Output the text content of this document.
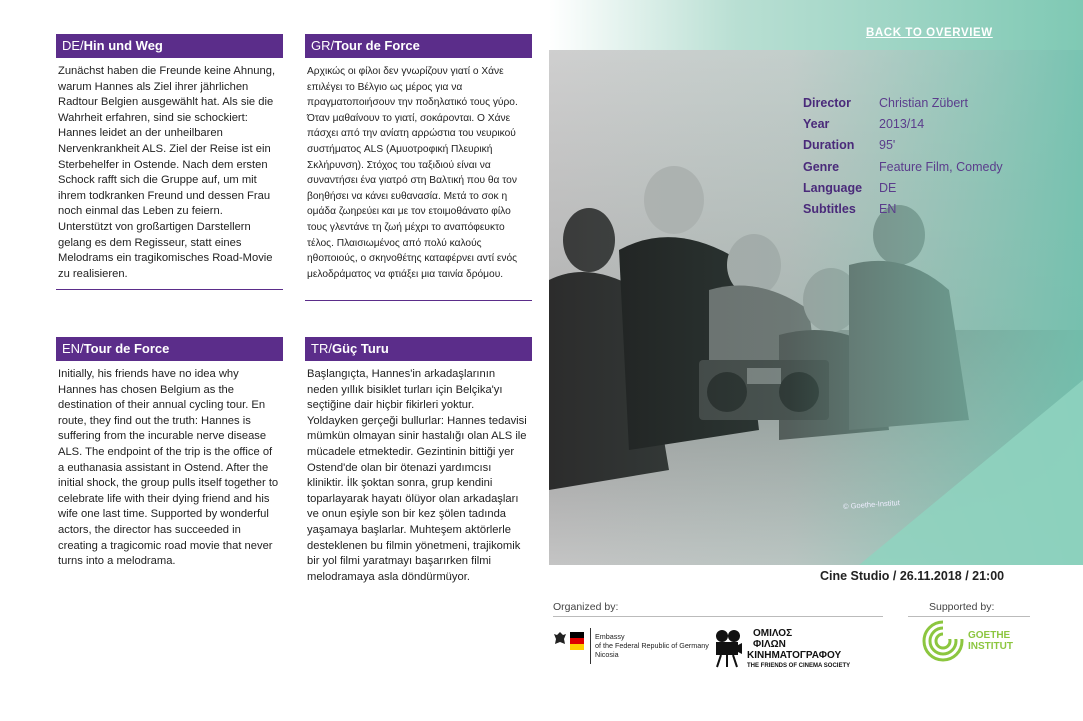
DE/Hin und Weg
Zunächst haben die Freunde keine Ahnung, warum Hannes als Ziel ihrer jährlichen Radtour Belgien ausgewählt hat. Als sie die Wahrheit erfahren, sind sie schockiert: Hannes leidet an der unheilbaren Nervenkrankheit ALS. Ziel der Reise ist ein Sterbehelfer in Ostende. Nach dem ersten Schock rafft sich die Gruppe auf, um mit ihrem todkranken Freund und dessen Frau noch einmal das Leben zu feiern. Unterstützt von großartigen Darstellern gelang es dem Regisseur, statt eines Melodrams ein tragikomisches Road-Movie zu realisieren.
GR/Tour de Force
Αρχικώς οι φίλοι δεν γνωρίζουν γιατί ο Χάνε επιλέγει το Βέλγιο ως μέρος για να πραγματοποιήσουν την ποδηλατικό τους γύρο. Όταν μαθαίνουν το γιατί, σοκάρονται. Ο Χάνε πάσχει από την ανίατη αρρώστια του νευρικού συστήματος ALS (Αμυοτροφική Πλευρική Σκλήρυνση). Στόχος του ταξιδιού είναι να συναντήσει ένα γιατρό στη Βαλτική που θα τον βοηθήσει να κάνει ευθανασία. Μετά το σοκ η ομάδα ζωηρεύει και με τον ετοιμοθάνατο φίλο τους γλεντάνε τη ζωή μέχρι το αναπόφευκτο τέλος. Πλαισιωμένος από πολύ καλούς ηθοποιούς, ο σκηνοθέτης καταφέρνει αντί ενός μελοδράματος να φτιάξει μια ταινία δρόμου.
EN/Tour de Force
Initially, his friends have no idea why Hannes has chosen Belgium as the destination of their annual cycling tour. En route, they find out the truth: Hannes is suffering from the incurable nerve disease ALS. The endpoint of the trip is the office of a euthanasia assistant in Ostend. After the initial shock, the group pulls itself together to celebrate life with their dying friend and his wife one last time. Supported by wonderful actors, the director has succeeded in creating a tragicomic road movie that never turns into a melodrama.
TR/Güç Turu
Başlangıçta, Hannes'in arkadaşlarının neden yıllık bisiklet turları için Belçika'yı seçtiğine dair hiçbir fikirleri yoktur. Yoldayken gerçeği bullurlar: Hannes tedavisi mümkün olmayan sinir hastalığı olan ALS ile mücadele etmektedir. Gezintinin bittiği yer Ostend'de olan bir ötenazi yardımcısı kliniktir. İlk şoktan sonra, grup kendini toparlayarak hayatı ölüyor olan arkadaşları ve onun eşiyle son bir kez şölen tadında yaşamaya başlarlar. Muhteşem aktörlerle desteklenen bu filmin yönetmeni, trajikomik bir yol filmi yaratmayı başarırken filmi melodramaya asla döndürmüyor.
BACK TO OVERVIEW
Director	Christian Zübert
Year	2013/14
Duration	95'
Genre	Feature Film, Comedy
Language	DE
Subtitles	EN
© Goethe-Institut
Cine Studio / 26.11.2018 / 21:00
Organized by:	Supported by:
Embassy
of the Federal Republic of Germany
Nicosia
ΟΜΙΛΟΣ
ΦΙΛΩΝ
ΚΙΝΗΜΑΤΟΓΡΑΦΟΥ
THE FRIENDS OF CINEMA SOCIETY
GOETHE
INSTITUT
